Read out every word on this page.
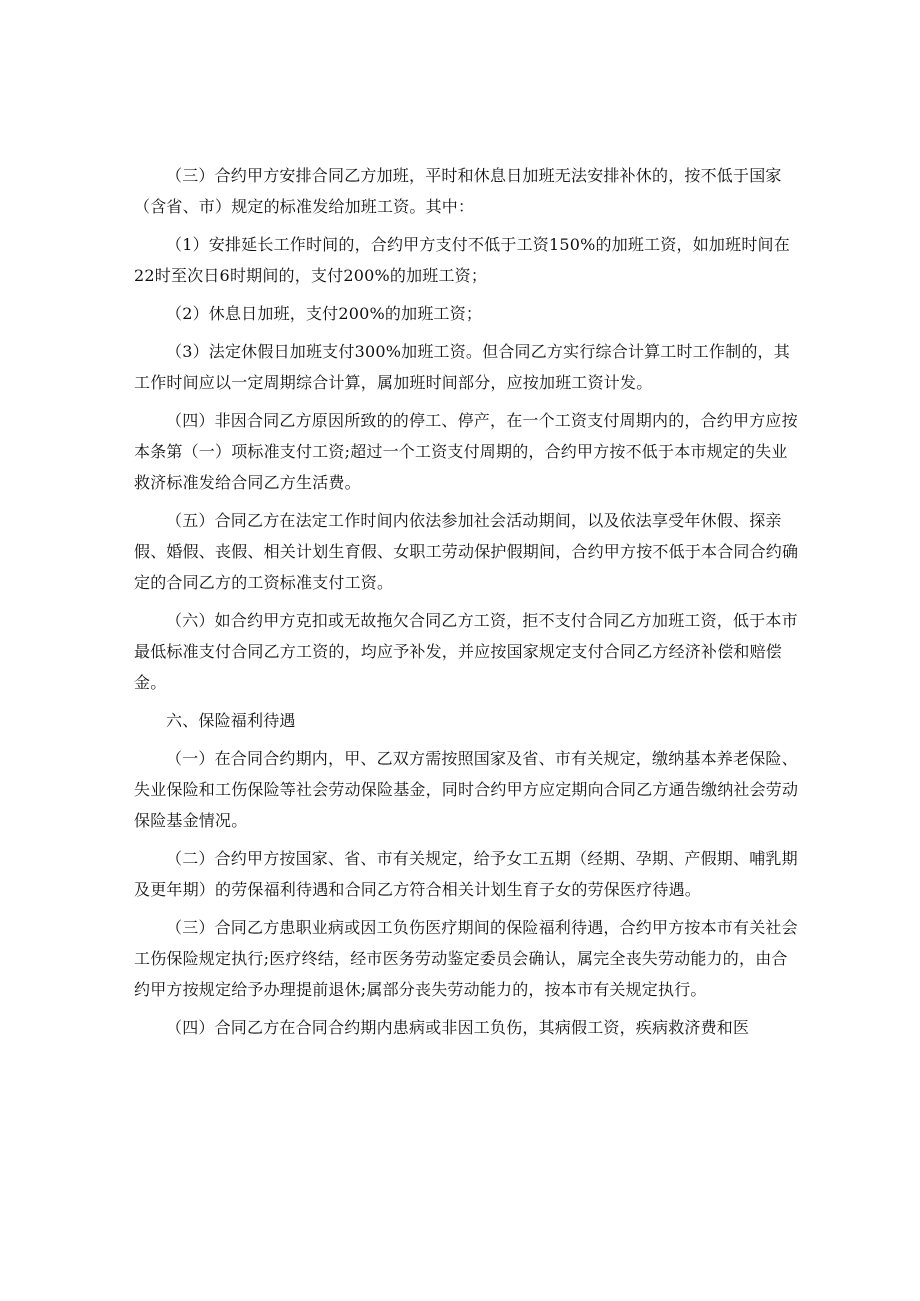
（三）合约甲方安排合同乙方加班，平时和休息日加班无法安排补休的，按不低于国家（含省、市）规定的标准发给加班工资。其中：

（1）安排延长工作时间的，合约甲方支付不低于工资150%的加班工资，如加班时间在22时至次日6时期间的，支付200%的加班工资；

（2）休息日加班，支付200%的加班工资；

（3）法定休假日加班支付300%加班工资。但合同乙方实行综合计算工时工作制的，其工作时间应以一定周期综合计算，属加班时间部分，应按加班工资计发。

（四）非因合同乙方原因所致的的停工、停产，在一个工资支付周期内的，合约甲方应按本条第（一）项标准支付工资;超过一个工资支付周期的，合约甲方按不低于本市规定的失业救济标准发给合同乙方生活费。

（五）合同乙方在法定工作时间内依法参加社会活动期间，以及依法享受年休假、探亲假、婚假、丧假、相关计划生育假、女职工劳动保护假期间，合约甲方按不低于本合同合约确定的合同乙方的工资标准支付工资。

（六）如合约甲方克扣或无故拖欠合同乙方工资，拒不支付合同乙方加班工资，低于本市最低标准支付合同乙方工资的，均应予补发，并应按国家规定支付合同乙方经济补偿和赔偿金。

六、保险福利待遇

（一）在合同合约期内，甲、乙双方需按照国家及省、市有关规定，缴纳基本养老保险、失业保险和工伤保险等社会劳动保险基金，同时合约甲方应定期向合同乙方通告缴纳社会劳动保险基金情况。

（二）合约甲方按国家、省、市有关规定，给予女工五期（经期、孕期、产假期、哺乳期及更年期）的劳保福利待遇和合同乙方符合相关计划生育子女的劳保医疗待遇。

（三）合同乙方患职业病或因工负伤医疗期间的保险福利待遇，合约甲方按本市有关社会工伤保险规定执行;医疗终结，经市医务劳动鉴定委员会确认，属完全丧失劳动能力的，由合约甲方按规定给予办理提前退休;属部分丧失劳动能力的，按本市有关规定执行。

（四）合同乙方在合同合约期内患病或非因工负伤，其病假工资，疾病救济费和医
